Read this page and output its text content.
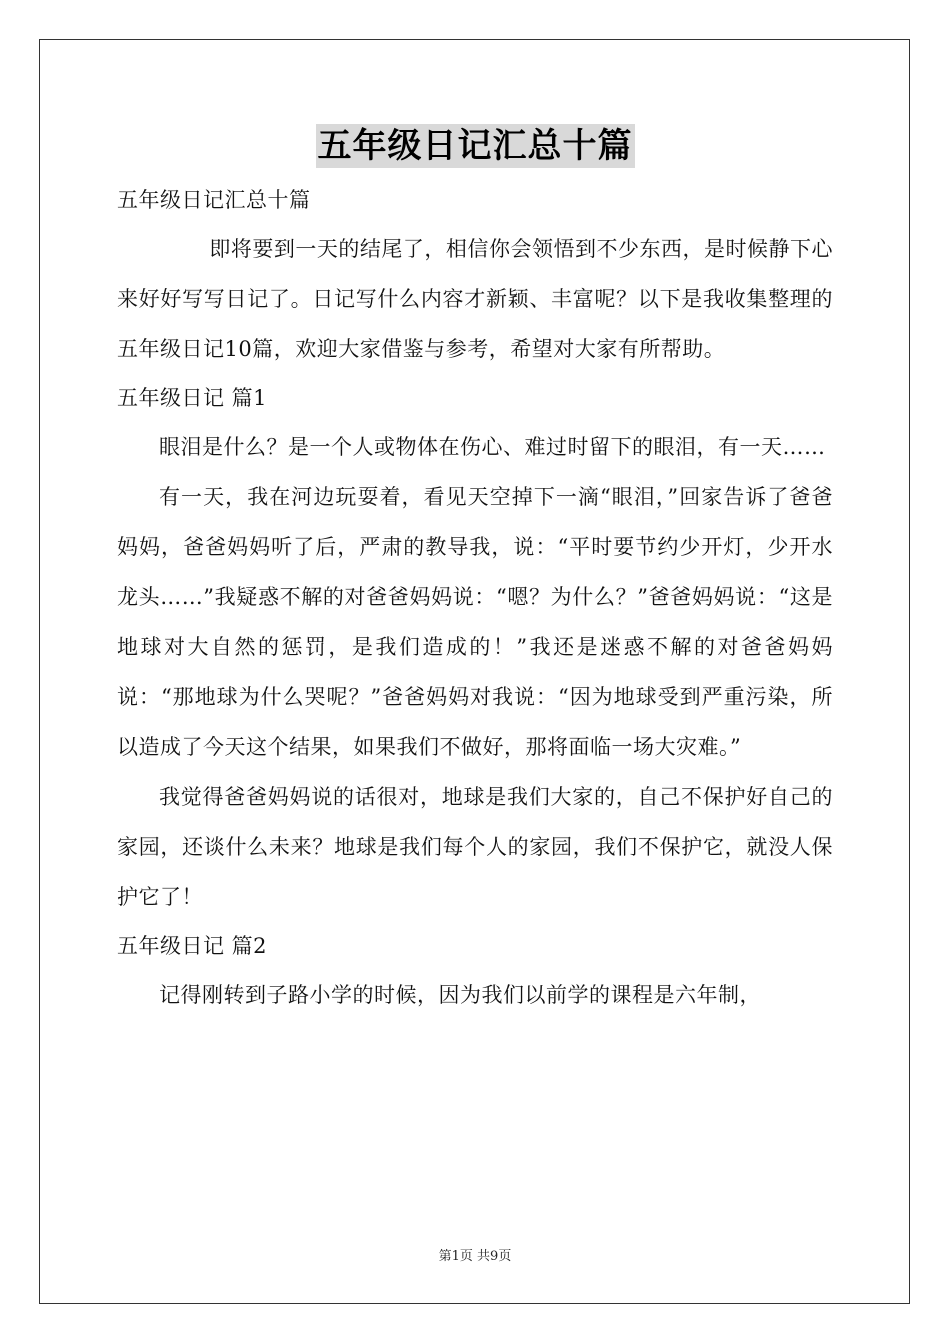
五年级日记汇总十篇

五年级日记汇总十篇

即将要到一天的结尾了，相信你会领悟到不少东西，是时候静下心来好好写写日记了。日记写什么内容才新颖、丰富呢？以下是我收集整理的五年级日记10篇，欢迎大家借鉴与参考，希望对大家有所帮助。

五年级日记 篇1

眼泪是什么？是一个人或物体在伤心、难过时留下的眼泪，有一天……

有一天，我在河边玩耍着，看见天空掉下一滴“眼泪，”回家告诉了爸爸妈妈，爸爸妈妈听了后，严肃的教导我，说：“平时要节约少开灯，少开水龙头……”我疑惑不解的对爸爸妈妈说：“嗯？为什么？”爸爸妈妈说：“这是地球对大自然的惩罚，是我们造成的！”我还是迷惑不解的对爸爸妈妈说：“那地球为什么哭呢？”爸爸妈妈对我说：“因为地球受到严重污染，所以造成了今天这个结果，如果我们不做好，那将面临一场大灾难。”

我觉得爸爸妈妈说的话很对，地球是我们大家的，自己不保护好自己的家园，还谈什么未来？地球是我们每个人的家园，我们不保护它，就没人保护它了！

五年级日记 篇2

记得刚转到子路小学的时候，因为我们以前学的课程是六年制，

第1页 共9页
